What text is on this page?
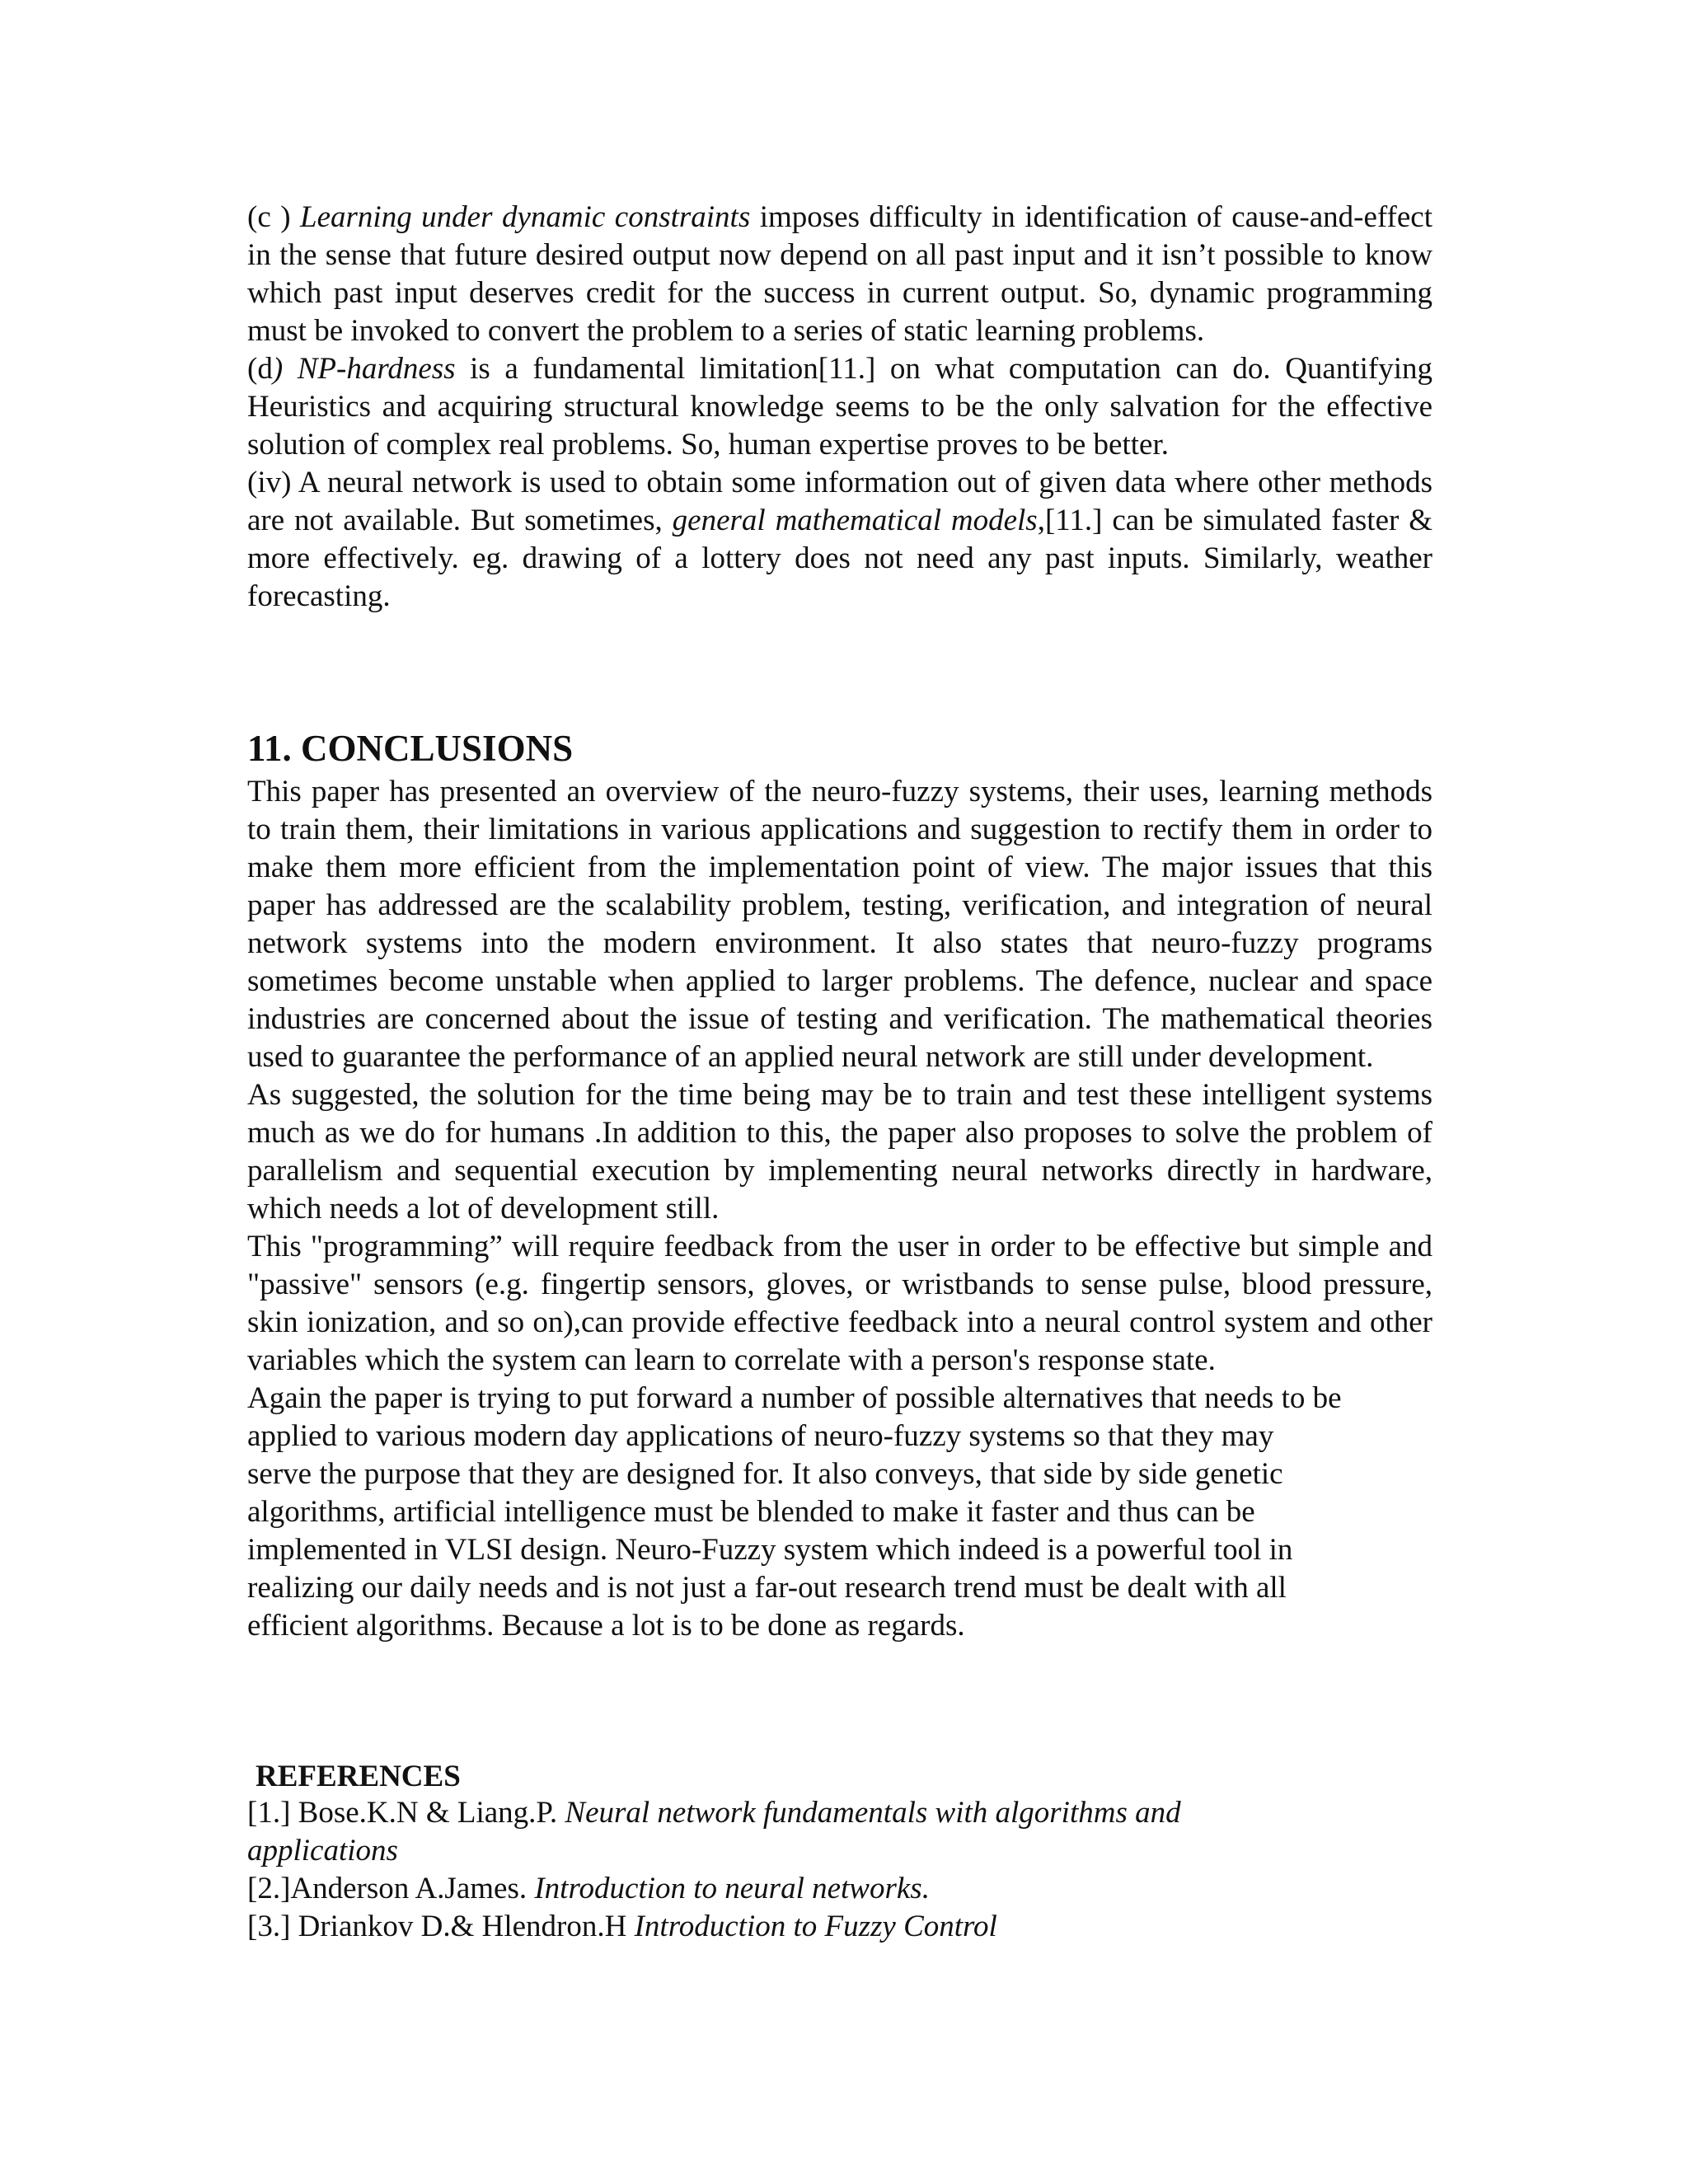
(c ) Learning under dynamic constraints imposes difficulty in identification of cause-and-effect in the sense that future desired output now depend on all past input and it isn’t possible to know which past input deserves credit for the success in current output. So, dynamic programming must be invoked to convert the problem to a series of static learning problems.

(d) NP-hardness is a fundamental limitation[11.] on what computation can do. Quantifying Heuristics and acquiring structural knowledge seems to be the only salvation for the effective solution of complex real problems. So, human expertise proves to be better.

(iv) A neural network is used to obtain some information out of given data where other methods are not available. But sometimes, general mathematical models,[11.] can be simulated faster & more effectively. eg. drawing of a lottery does not need any past inputs. Similarly, weather forecasting.

11. CONCLUSIONS

This paper has presented an overview of the neuro-fuzzy systems, their uses, learning methods to train them, their limitations in various applications and suggestion to rectify them in order to make them more efficient from the implementation point of view. The major issues that this paper has addressed are the scalability problem, testing, verification, and integration of neural network systems into the modern environment. It also states that neuro-fuzzy programs sometimes become unstable when applied to larger problems. The defence, nuclear and space industries are concerned about the issue of testing and verification. The mathematical theories used to guarantee the performance of an applied neural network are still under development.

As suggested, the solution for the time being may be to train and test these intelligent systems much as we do for humans .In addition to this, the paper also proposes to solve the problem of parallelism and sequential execution by implementing neural networks directly in hardware, which needs a lot of development still.

This "programming” will require feedback from the user in order to be effective but simple and "passive" sensors (e.g. fingertip sensors, gloves, or wristbands to sense pulse, blood pressure, skin ionization, and so on),can provide effective feedback into a neural control system and other variables which the system can learn to correlate with a person's response state.

Again the paper is trying to put forward a number of possible alternatives that needs to be
applied to various modern day applications of neuro-fuzzy systems so that they may
serve the purpose that they are designed for. It also conveys, that side by side genetic
algorithms, artificial intelligence must be blended to make it faster and thus can be
implemented in VLSI design. Neuro-Fuzzy system which indeed is a powerful tool in
realizing our daily needs and is not just a far-out research trend must be dealt with all
efficient algorithms. Because a lot is to be done as regards.
REFERENCES
[1.] Bose.K.N & Liang.P. Neural network fundamentals with algorithms and
applications
[2.]Anderson A.James. Introduction to neural networks.
[3.] Driankov D.& Hlendron.H Introduction to Fuzzy Control
